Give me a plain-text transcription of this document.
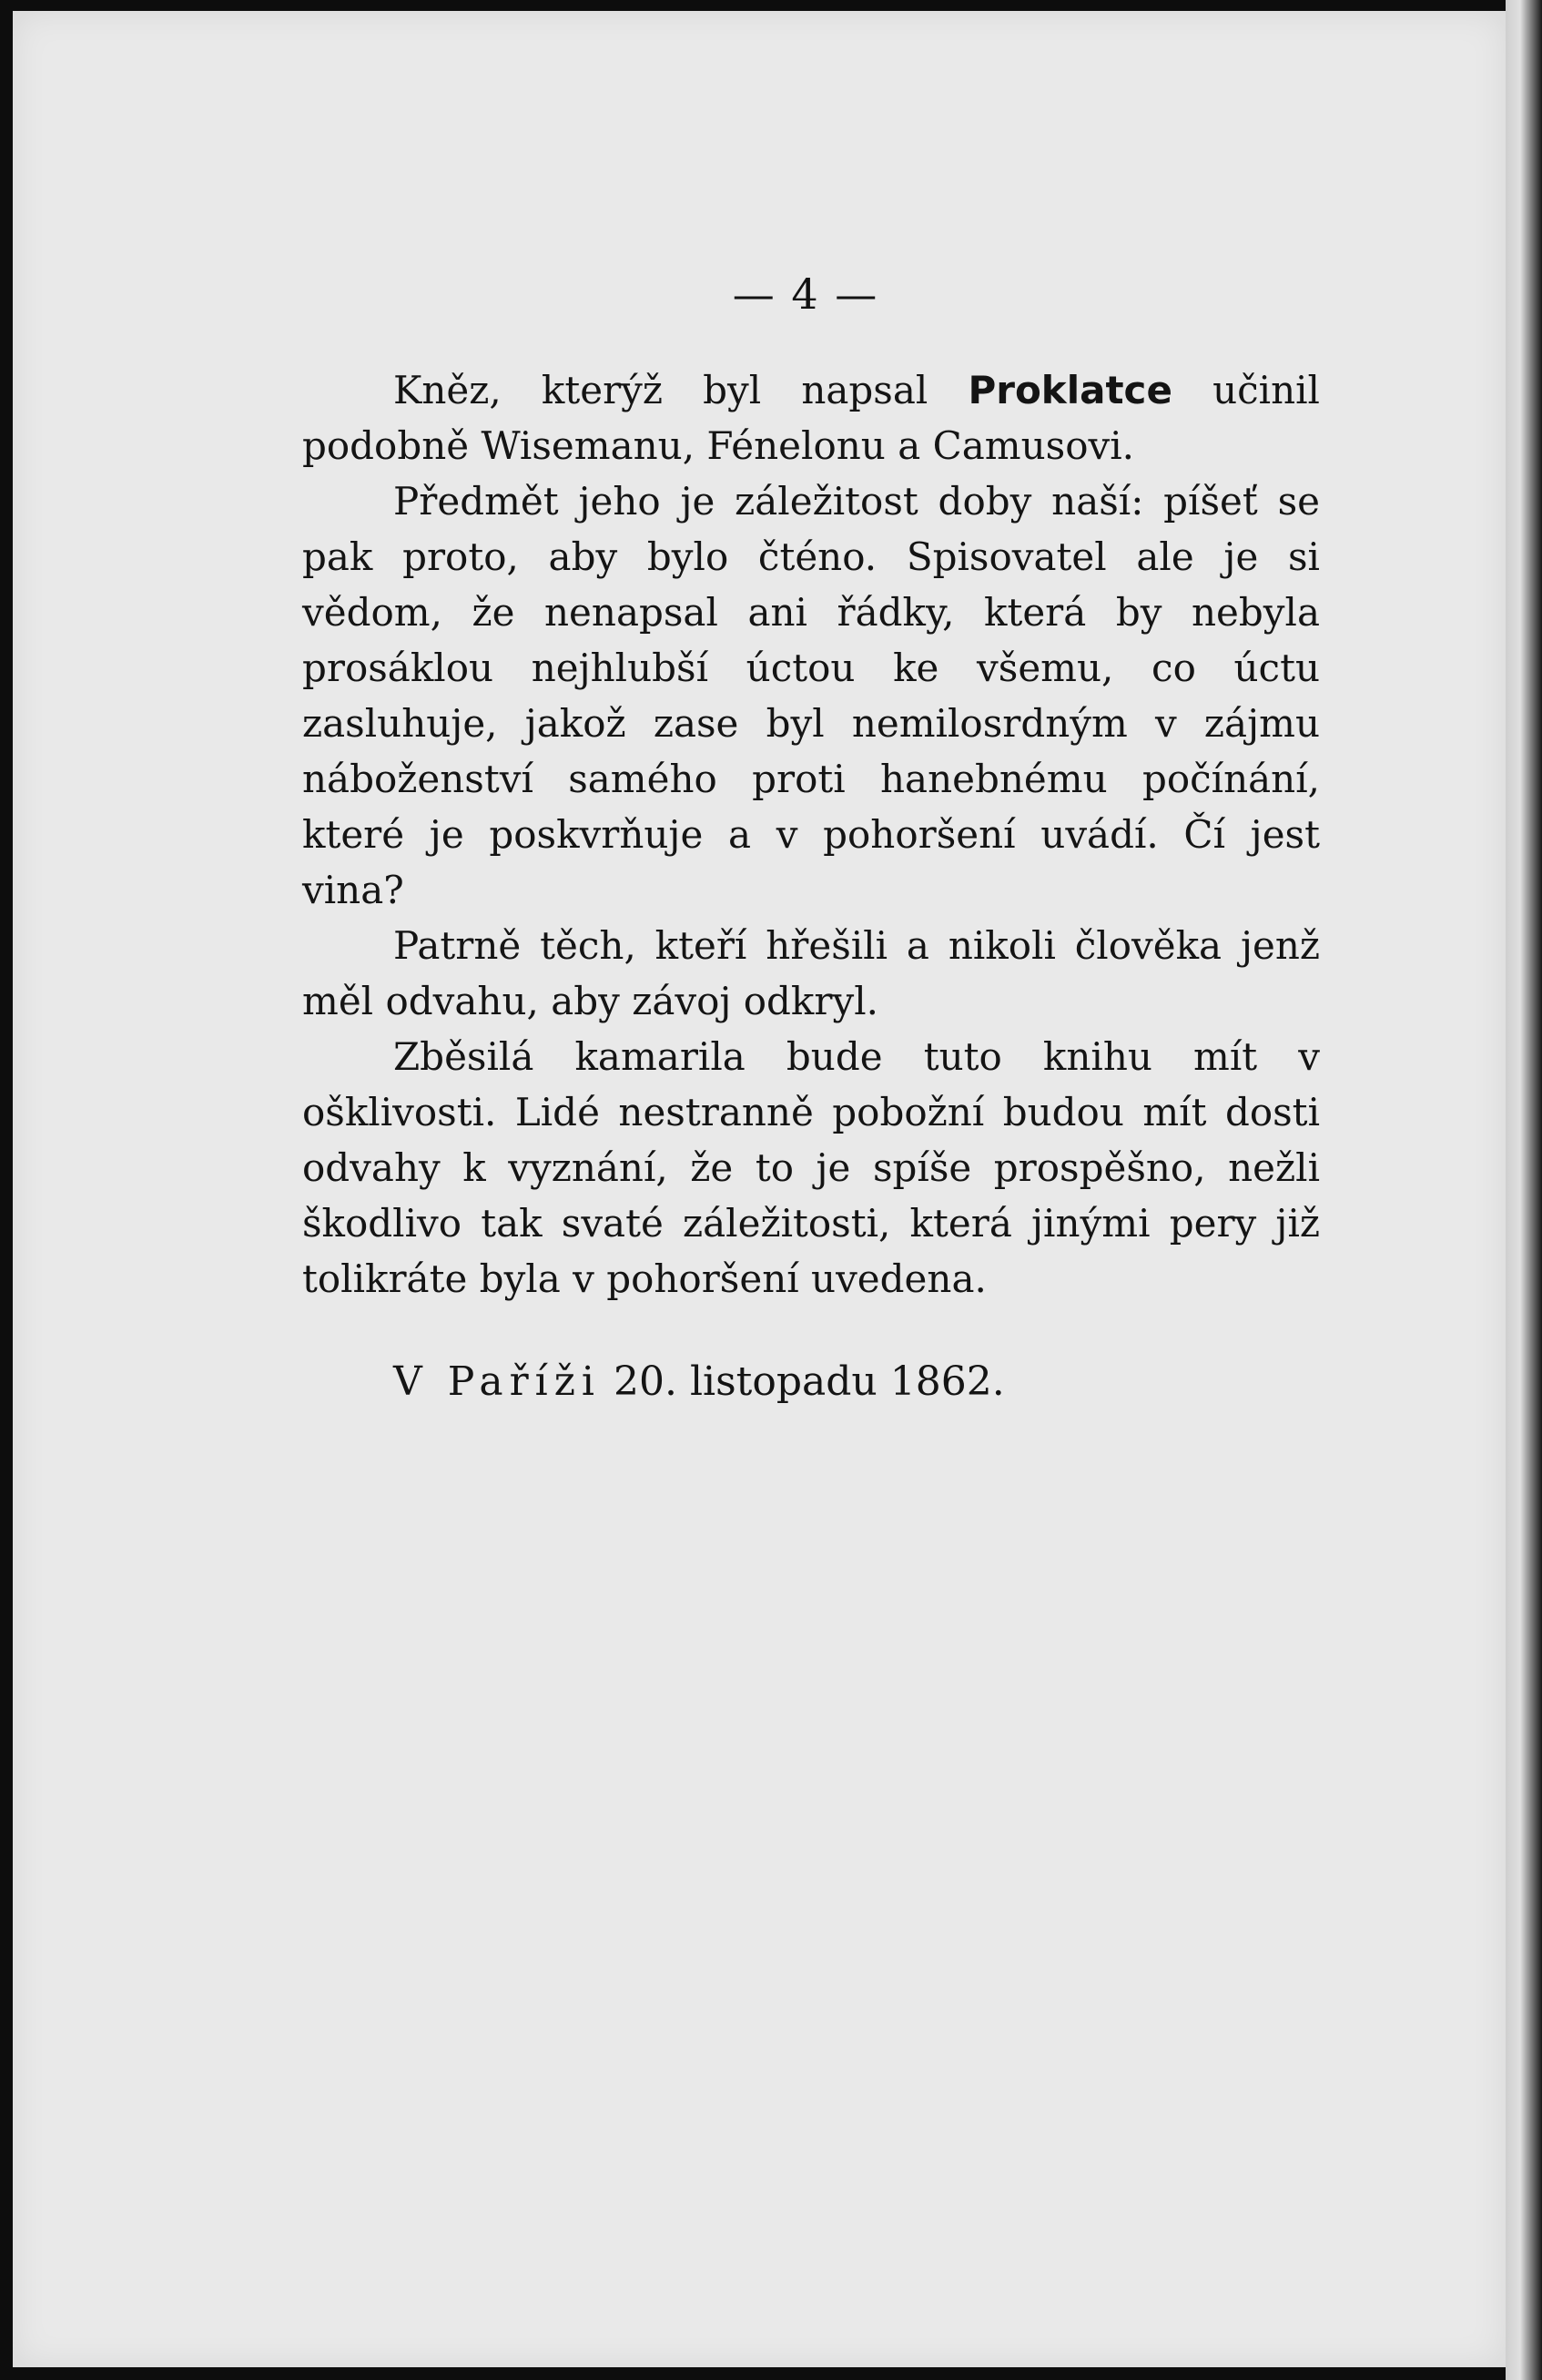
— 4 —

Kněz, kterýž byl napsal Proklatce učinil podobně Wisemanu, Fénelonu a Camusovi.

Předmět jeho je záležitost doby naší: píšeť se pak proto, aby bylo čténo. Spisovatel ale je si vědom, že nenapsal ani řádky, která by nebyla prosáklou nejhlubší úctou ke všemu, co úctu zasluhuje, jakož zase byl nemilosrdným v zájmu náboženství samého proti hanebnému počínání, které je poskvrňuje a v pohoršení uvádí. Čí jest vina?

Patrně těch, kteří hřešili a nikoli člověka jenž měl odvahu, aby závoj odkryl.

Zběsilá kamarila bude tuto knihu mít v ošklivosti. Lidé nestranně pobožní budou mít dosti odvahy k vyznání, že to je spíše prospěšno, nežli škodlivo tak svaté záležitosti, která jinými pery již tolikráte byla v pohoršení uvedena.

V Paříži 20. listopadu 1862.
